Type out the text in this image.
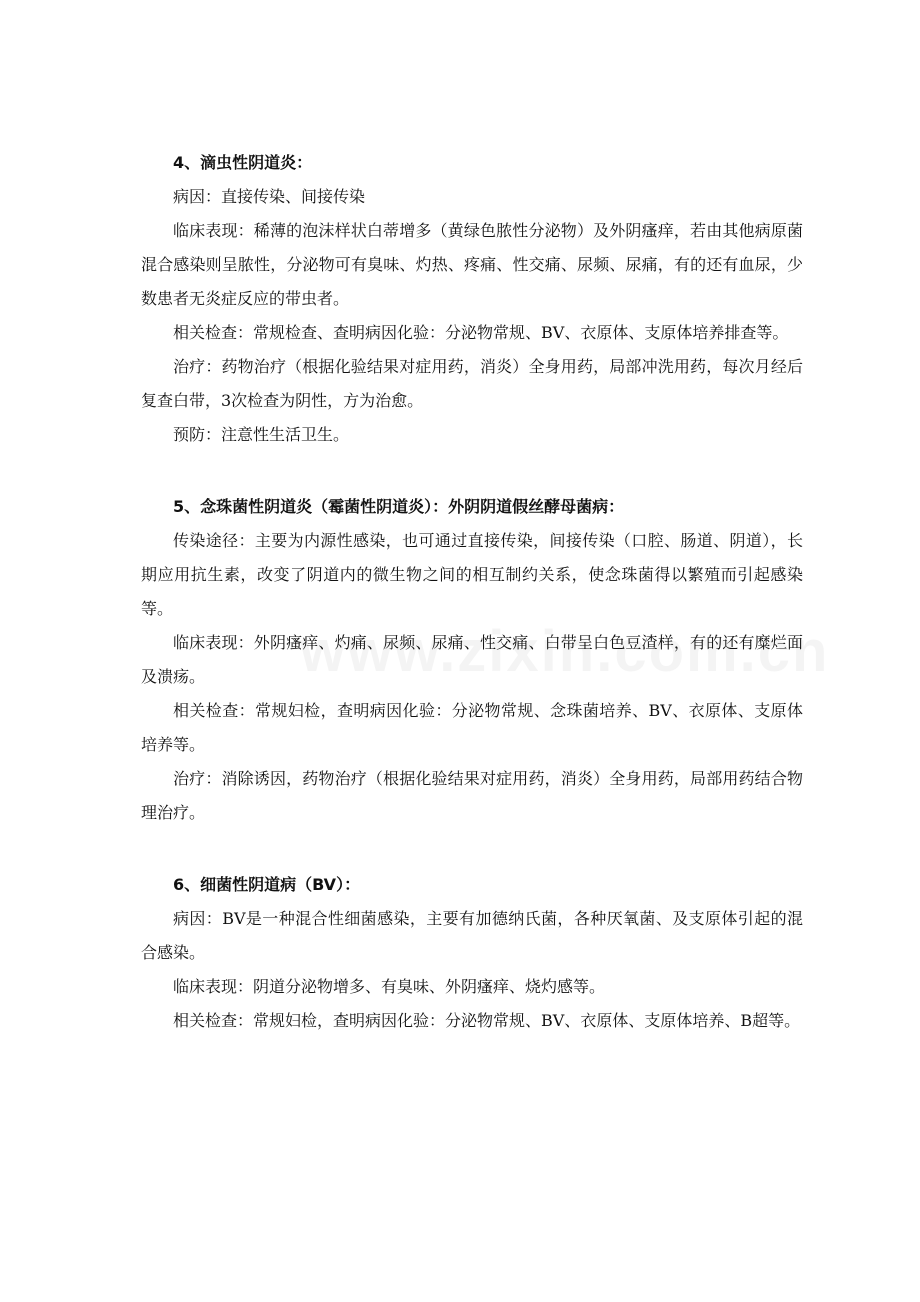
4、滴虫性阴道炎：

病因：直接传染、间接传染

临床表现：稀薄的泡沫样状白蒂增多（黄绿色脓性分泌物）及外阴瘙痒，若由其他病原菌混合感染则呈脓性，分泌物可有臭味、灼热、疼痛、性交痛、尿频、尿痛，有的还有血尿，少数患者无炎症反应的带虫者。

相关检查：常规检查、查明病因化验：分泌物常规、BV、衣原体、支原体培养排查等。

治疗：药物治疗（根据化验结果对症用药，消炎）全身用药，局部冲洗用药，每次月经后复查白带，3次检查为阴性，方为治愈。

预防：注意性生活卫生。

5、念珠菌性阴道炎（霉菌性阴道炎）：外阴阴道假丝酵母菌病：

传染途径：主要为内源性感染，也可通过直接传染，间接传染（口腔、肠道、阴道），长期应用抗生素，改变了阴道内的微生物之间的相互制约关系，使念珠菌得以繁殖而引起感染等。

临床表现：外阴瘙痒、灼痛、尿频、尿痛、性交痛、白带呈白色豆渣样，有的还有糜烂面及溃疡。

相关检查：常规妇检，查明病因化验：分泌物常规、念珠菌培养、BV、衣原体、支原体培养等。

治疗：消除诱因，药物治疗（根据化验结果对症用药，消炎）全身用药，局部用药结合物理治疗。

6、细菌性阴道病（BV）：

病因：BV是一种混合性细菌感染，主要有加德纳氏菌，各种厌氧菌、及支原体引起的混合感染。

临床表现：阴道分泌物增多、有臭味、外阴瘙痒、烧灼感等。

相关检查：常规妇检，查明病因化验：分泌物常规、BV、衣原体、支原体培养、B超等。
